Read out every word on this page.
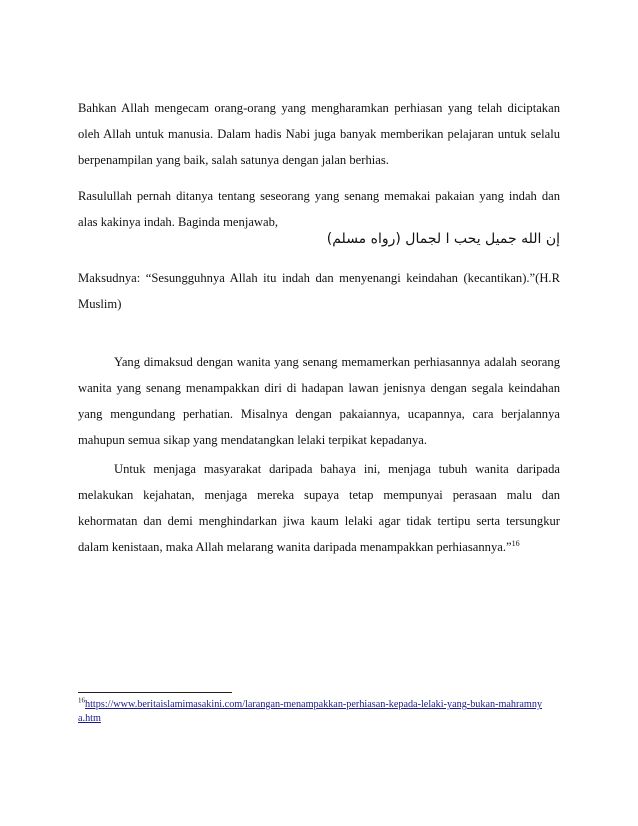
Bahkan Allah mengecam orang-orang yang mengharamkan perhiasan yang telah diciptakan oleh Allah untuk manusia. Dalam hadis Nabi juga banyak memberikan pelajaran untuk selalu berpenampilan yang baik, salah satunya dengan jalan berhias.

Rasulullah pernah ditanya tentang seseorang yang senang memakai pakaian yang indah dan alas kakinya indah. Baginda menjawab,

إن الله جميل يحب ا لجمال (رواه مسلم)

Maksudnya: “Sesungguhnya Allah itu indah dan menyenangi keindahan (kecantikan).”(H.R Muslim)

Yang dimaksud dengan wanita yang senang memamerkan perhiasannya adalah seorang wanita yang senang menampakkan diri di hadapan lawan jenisnya dengan segala keindahan yang mengundang perhatian. Misalnya dengan pakaiannya, ucapannya, cara berjalannya mahupun semua sikap yang mendatangkan lelaki terpikat kepadanya.

Untuk menjaga masyarakat daripada bahaya ini, menjaga tubuh wanita daripada melakukan kejahatan, menjaga mereka supaya tetap mempunyai perasaan malu dan kehormatan dan demi menghindarkan jiwa kaum lelaki agar tidak tertipu serta tersungkur dalam kenistaan, maka Allah melarang wanita daripada menampakkan perhiasannya.”$^{16}$

$^{16}$https://www.beritaislamimasakini.com/larangan-menampakkan-perhiasan-kepada-lelaki-yang-bukan-mahramnya.htm
